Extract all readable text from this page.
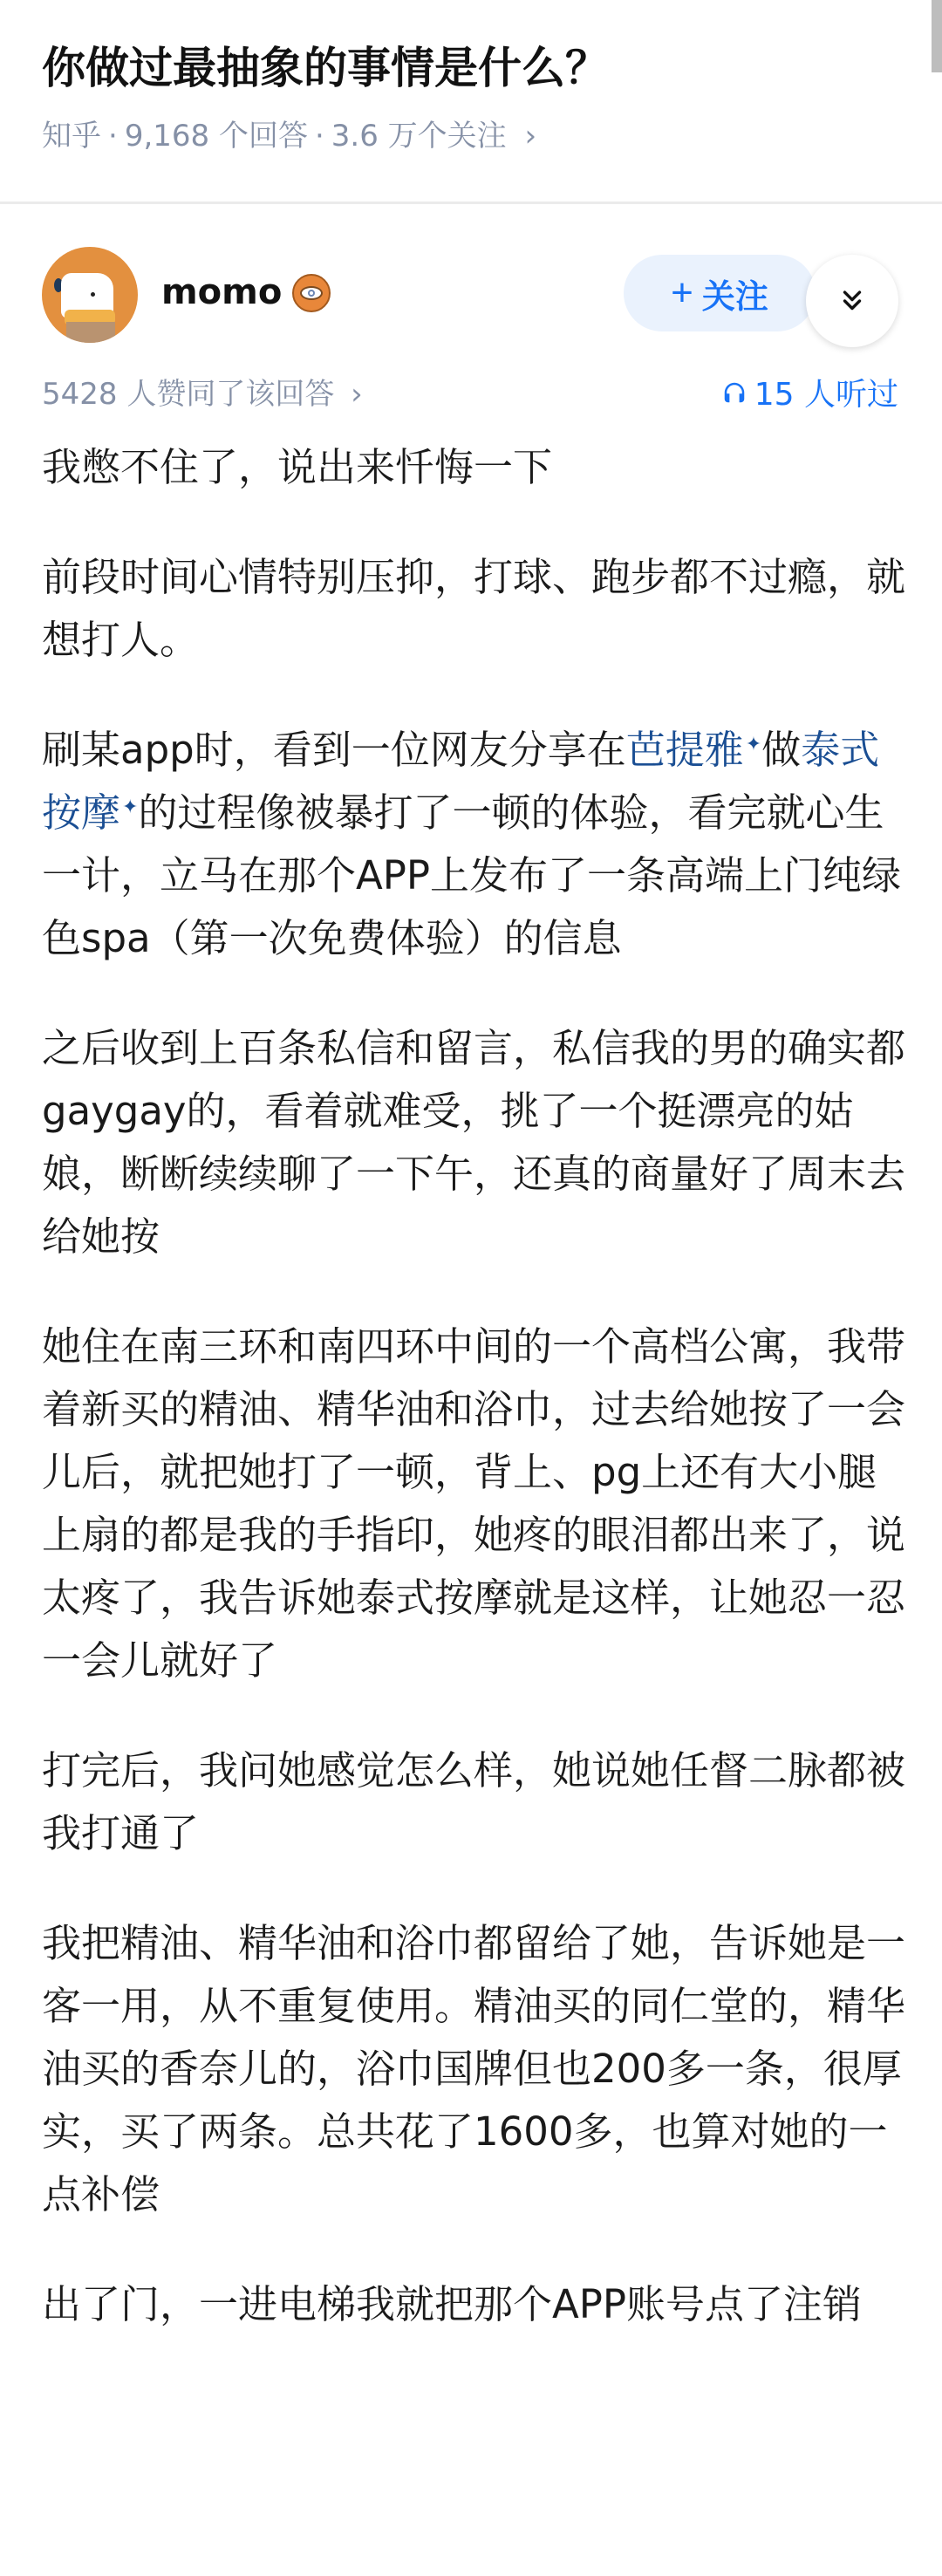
你做过最抽象的事情是什么？
知乎 · 9,168 个回答 · 3.6 万个关注 ›
momo	+ 关注
5428 人赞同了该回答 ›	15 人听过

我憋不住了，说出来忏悔一下

前段时间心情特别压抑，打球、跑步都不过瘾，就想打人。

刷某app时，看到一位网友分享在芭提雅✦做泰式按摩✦的过程像被暴打了一顿的体验，看完就心生一计，立马在那个APP上发布了一条高端上门纯绿色spa（第一次免费体验）的信息

之后收到上百条私信和留言，私信我的男的确实都gaygay的，看着就难受，挑了一个挺漂亮的姑娘，断断续续聊了一下午，还真的商量好了周末去给她按

她住在南三环和南四环中间的一个高档公寓，我带着新买的精油、精华油和浴巾，过去给她按了一会儿后，就把她打了一顿，背上、pg上还有大小腿上扇的都是我的手指印，她疼的眼泪都出来了，说太疼了，我告诉她泰式按摩就是这样，让她忍一忍一会儿就好了

打完后，我问她感觉怎么样，她说她任督二脉都被我打通了

我把精油、精华油和浴巾都留给了她，告诉她是一客一用，从不重复使用。精油买的同仁堂的，精华油买的香奈儿的，浴巾国牌但也200多一条，很厚实，买了两条。总共花了1600多，也算对她的一点补偿

出了门，一进电梯我就把那个APP账号点了注销
